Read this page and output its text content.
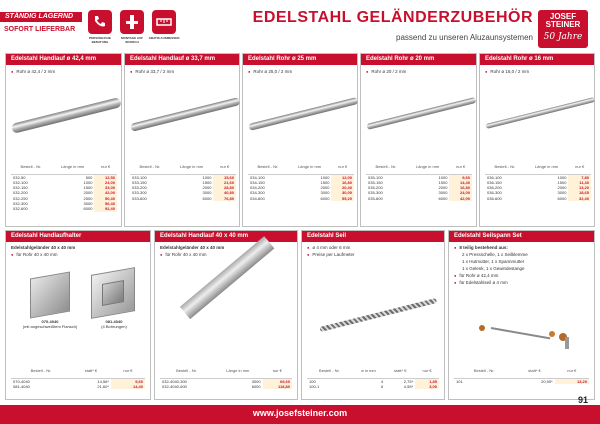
STÄNDIG LAGERND
SOFORT LIEFERBAR
PERSÖNLICHE BERATUNG
MONTAGE AUF WUNSCH
GRATIS AUSMESSEN
EDELSTAHL GELÄNDERZUBEHÖR
passend zu unseren Aluzaunsystemen
JOSEF
STEINER
50 Jahre
Edelstahl Handlauf ø 42,4 mm
● Rohr ø 42,4 / 2 mm
Bestell - Nr.	Länge in mm	nur €
032-50	500	12,50
032-100	1000	24,00
032-150	1500	33,00
032-200	2000	42,00
032-250	2500	50,40
032-300	3000	56,40
032-600	6000	92,40
Edelstahl Handlauf ø 33,7 mm
● Rohr ø 33,7 / 2 mm
Bestell - Nr.	Länge in mm	nur €
033-100	1000	15,60
033-150	1500	21,60
033-200	2000	28,80
033-300	3000	40,80
033-600	6000	76,80
Edelstahl Rohr ø 25 mm
● Rohr ø 25,0 / 2 mm
Bestell - Nr.	Länge in mm	nur €
034-100	1000	12,00
034-150	1500	16,80
034-200	2000	20,40
034-300	3000	30,00
034-600	6000	55,20
Edelstahl Rohr ø 20 mm
● Rohr ø 20 / 2 mm
Bestell - Nr.	Länge in mm	nur €
035-100	1000	9,60
035-150	1500	14,40
035-200	2000	16,80
035-300	3000	24,00
035-600	6000	42,00
Edelstahl Rohr ø 16 mm
● Rohr ø 16,0 / 2 mm
Bestell - Nr.	Länge in mm	nur €
036-100	1000	7,80
036-150	1500	11,40
036-200	2000	13,20
036-300	3000	18,65
036-600	6000	32,40
Edelstahl Handlaufhalter
Edelstahlgeländer 40 x 40 mm
● für Rohr 40 x 40 mm
070-4040
(mit angeschweißtem Flansch)
081-4040
(4 Bohrungen)
Bestell - Nr.	statt* €	nur €
070-4040	14,56*	9,60
081-4040	21,60*	14,40
Edelstahl Handlauf 40 x 40 mm
Edelstahlgeländer 40 x 40 mm
● für Rohr 40 x 40 mm
Bestell - Nr.	Länge in mm	nur €
032-4040-300	3000	69,60
032-4040-600	6000	118,80
Edelstahl Seil
● ø 4 mm oder 6 mm
● Preise per Laufmeter
Bestell - Nr.	ø in mm	statt* €	nur €
100	4	2,75*	1,85
100-1	6	4,55*	3,00
Edelstahl Seilspann Set
● 8 teilig bestehend aus:
2 x Pressschelle, 1 x Seilklemme
1 x Hutmutter, 1 x Spannmutter
1 x Gelenk, 1 x Gewindestange
● für Rohr ø 42,4 mm
● für Edelstahlseil ø 4 mm
Bestell - Nr.	statt* €	nur €
101	20,90*	13,20
www.josefsteiner.com
91
